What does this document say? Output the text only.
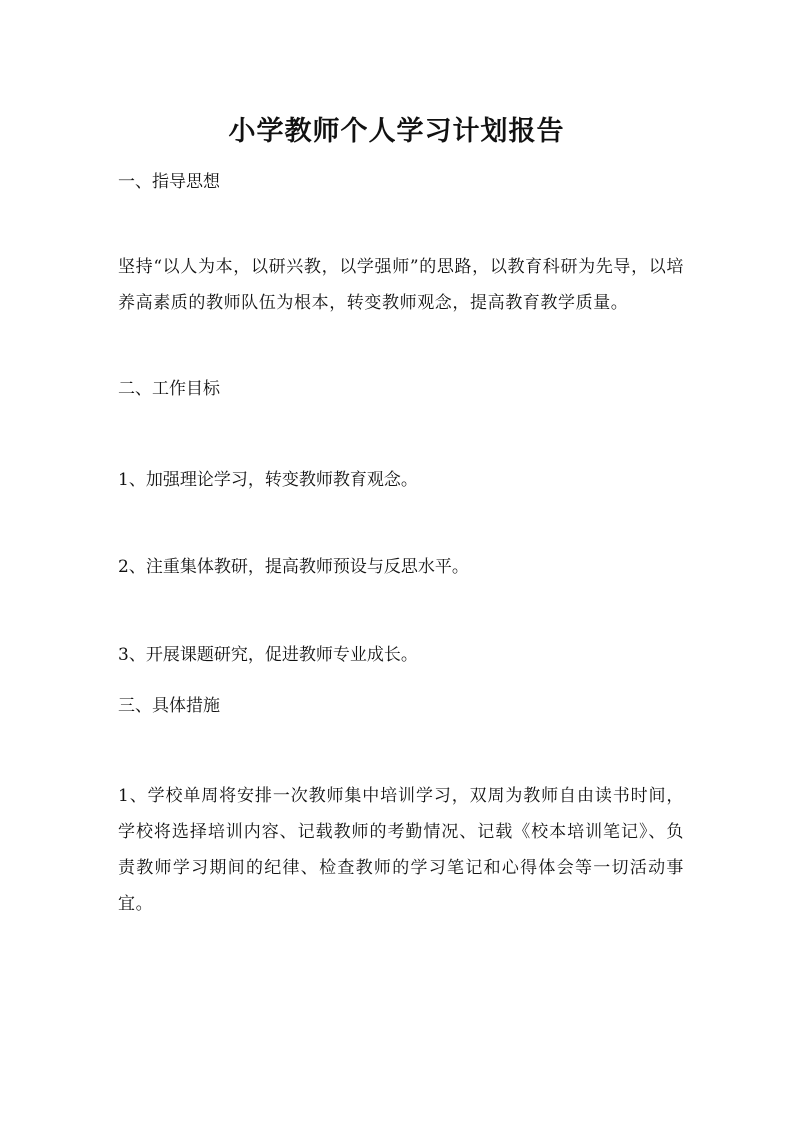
小学教师个人学习计划报告

一、指导思想

坚持“以人为本，以研兴教，以学强师”的思路，以教育科研为先导，以培养高素质的教师队伍为根本，转变教师观念，提高教育教学质量。

二、工作目标

1、加强理论学习，转变教师教育观念。

2、注重集体教研，提高教师预设与反思水平。

3、开展课题研究，促进教师专业成长。

三、具体措施

1、学校单周将安排一次教师集中培训学习，双周为教师自由读书时间，学校将选择培训内容、记载教师的考勤情况、记载《校本培训笔记》、负责教师学习期间的纪律、检查教师的学习笔记和心得体会等一切活动事宜。
